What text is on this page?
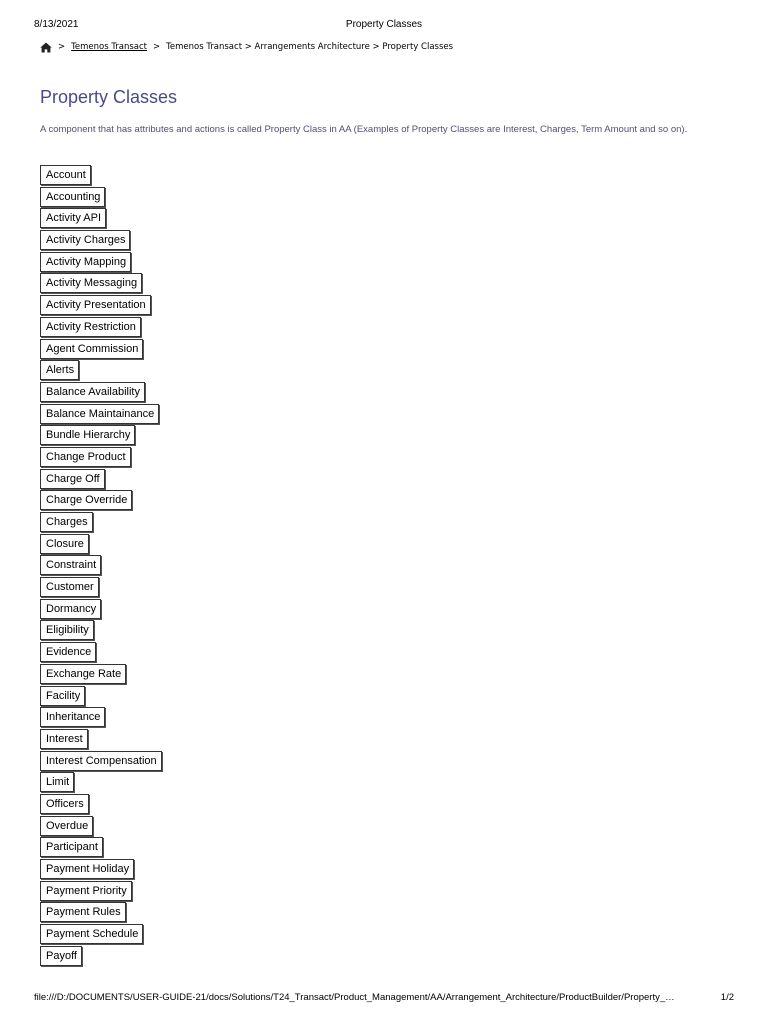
8/13/2021	Property Classes
> Temenos Transact > Temenos Transact > Arrangements Architecture > Property Classes
Property Classes

A component that has attributes and actions is called Property Class in AA (Examples of Property Classes are Interest, Charges, Term Amount and so on).

Account
Accounting
Activity API
Activity Charges
Activity Mapping
Activity Messaging
Activity Presentation
Activity Restriction
Agent Commission
Alerts
Balance Availability
Balance Maintainance
Bundle Hierarchy
Change Product
Charge Off
Charge Override
Charges
Closure
Constraint
Customer
Dormancy
Eligibility
Evidence
Exchange Rate
Facility
Inheritance
Interest
Interest Compensation
Limit
Officers
Overdue
Participant
Payment Holiday
Payment Priority
Payment Rules
Payment Schedule
Payoff
file:///D:/DOCUMENTS/USER-GUIDE-21/docs/Solutions/T24_Transact/Product_Management/AA/Arrangement_Architecture/ProductBuilder/Property_…	1/2
